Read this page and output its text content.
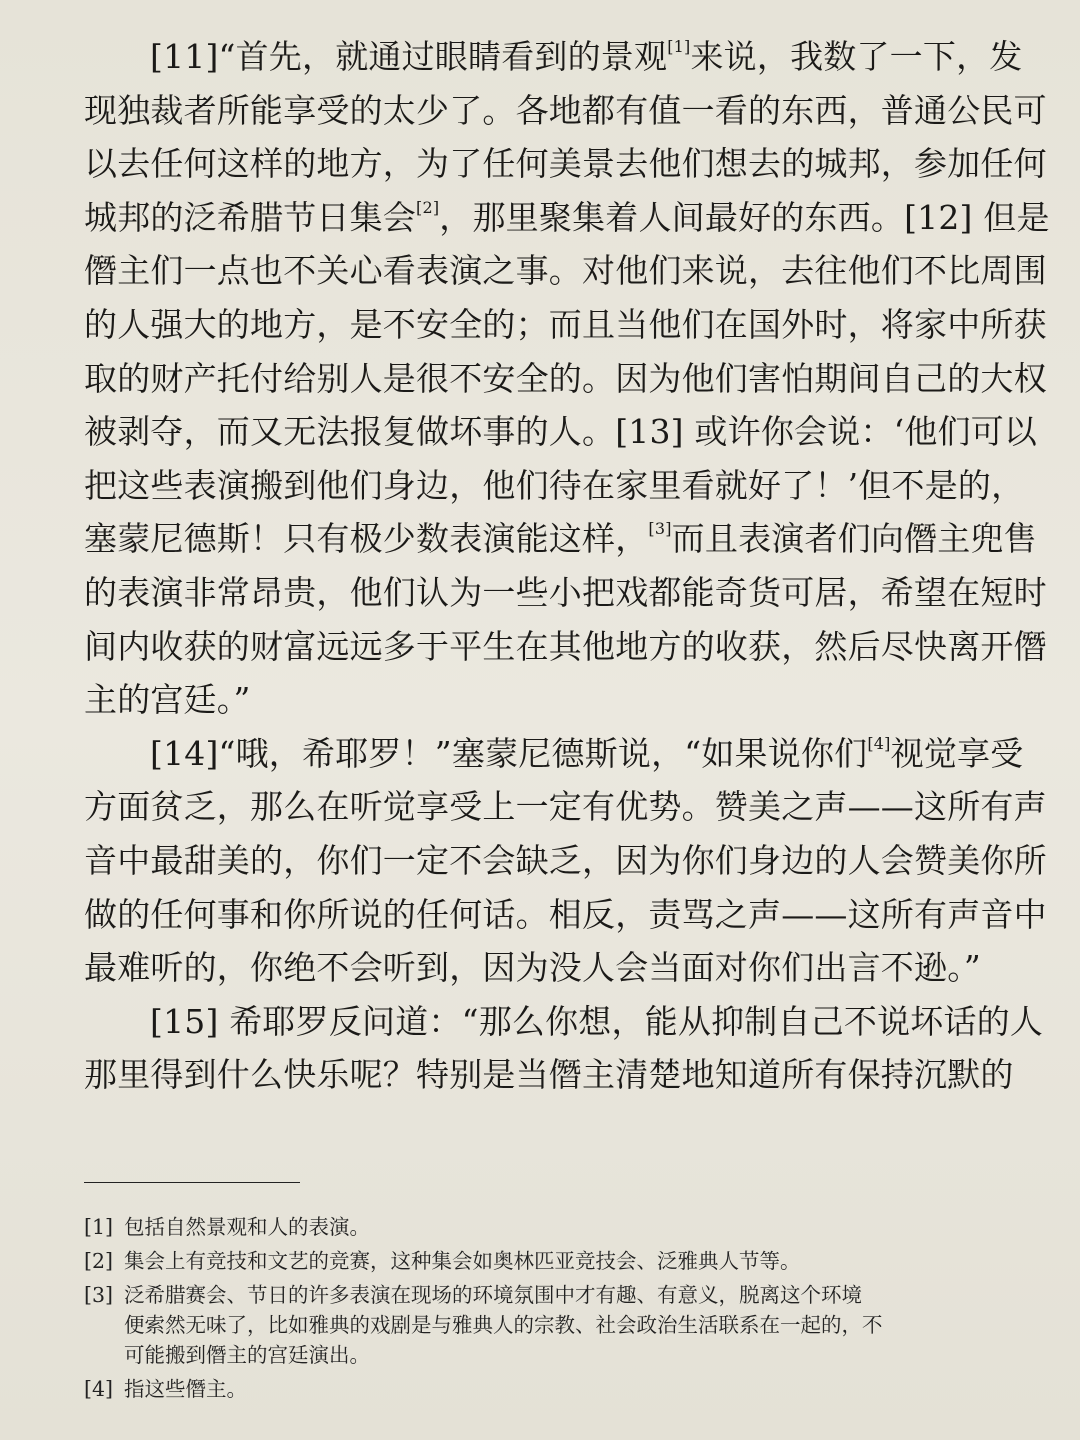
[11]“首先，就通过眼睛看到的景观[1]来说，我数了一下，发
现独裁者所能享受的太少了。各地都有值一看的东西，普通公民可
以去任何这样的地方，为了任何美景去他们想去的城邦，参加任何
城邦的泛希腊节日集会[2]，那里聚集着人间最好的东西。[12] 但是
僭主们一点也不关心看表演之事。对他们来说，去往他们不比周围
的人强大的地方，是不安全的；而且当他们在国外时，将家中所获
取的财产托付给别人是很不安全的。因为他们害怕期间自己的大权
被剥夺，而又无法报复做坏事的人。[13] 或许你会说：‘他们可以
把这些表演搬到他们身边，他们待在家里看就好了！’但不是的，
塞蒙尼德斯！只有极少数表演能这样，[3]而且表演者们向僭主兜售
的表演非常昂贵，他们认为一些小把戏都能奇货可居，希望在短时
间内收获的财富远远多于平生在其他地方的收获，然后尽快离开僭
主的宫廷。”
[14]“哦，希耶罗！”塞蒙尼德斯说，“如果说你们[4]视觉享受
方面贫乏，那么在听觉享受上一定有优势。赞美之声——这所有声
音中最甜美的，你们一定不会缺乏，因为你们身边的人会赞美你所
做的任何事和你所说的任何话。相反，责骂之声——这所有声音中
最难听的，你绝不会听到，因为没人会当面对你们出言不逊。”
[15] 希耶罗反问道：“那么你想，能从抑制自己不说坏话的人
那里得到什么快乐呢？特别是当僭主清楚地知道所有保持沉默的
[1] 包括自然景观和人的表演。
[2] 集会上有竞技和文艺的竞赛，这种集会如奥林匹亚竞技会、泛雅典人节等。
[3] 泛希腊赛会、节日的许多表演在现场的环境氛围中才有趣、有意义，脱离这个环境
便索然无味了，比如雅典的戏剧是与雅典人的宗教、社会政治生活联系在一起的，不
可能搬到僭主的宫廷演出。
[4] 指这些僭主。
